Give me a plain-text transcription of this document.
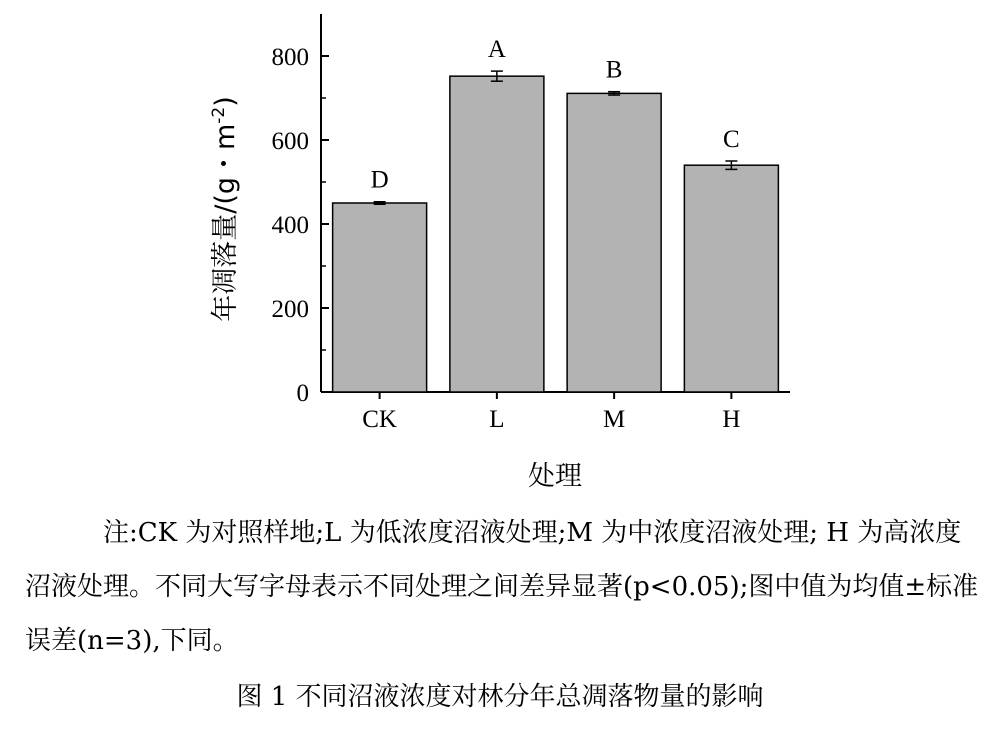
0
200
400
600
800
D
CK
A
L
B
M
C
H
年凋落量/(g・$m^{-2}$)
处理
注:CK 为对照样地;L 为低浓度沼液处理;M 为中浓度沼液处理; H 为高浓度沼液处理。不同大写字母表示不同处理之间差异显著(p<0.05);图中值为均值±标准误差(n=3),下同。
图 1 不同沼液浓度对林分年总凋落物量的影响
